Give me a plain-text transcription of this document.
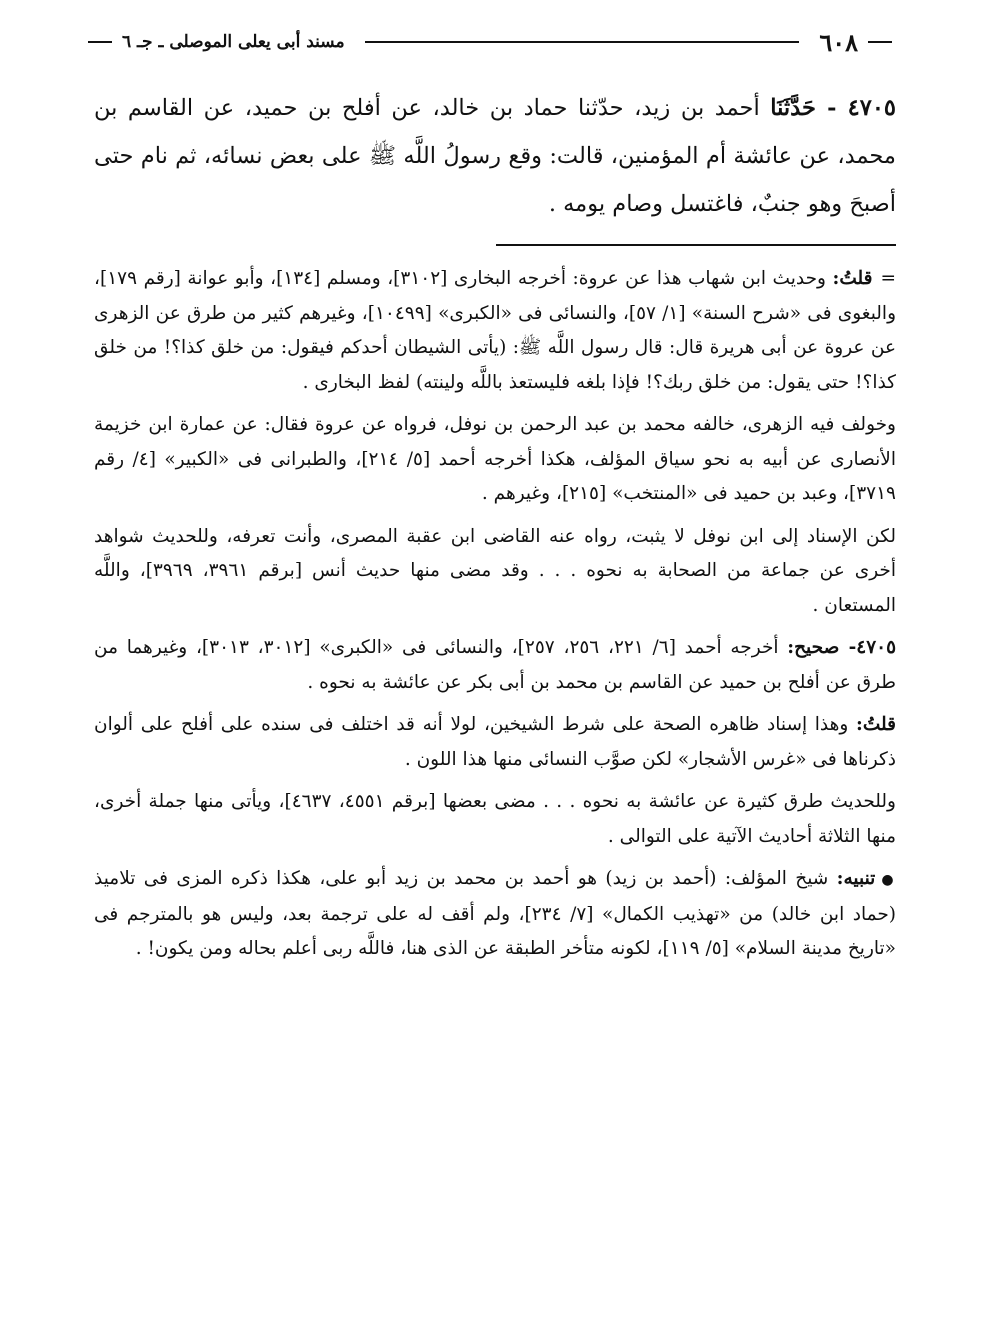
٦٠٨
مسند أبى يعلى الموصلى ـ جـ ٦

٤٧٠٥ - حَدَّثَنَا أحمد بن زيد، حدّثنا حماد بن خالد، عن أفلح بن حميد، عن القاسم بن محمد، عن عائشة أم المؤمنين، قالت: وقع رسولُ اللَّه ﷺ على بعض نسائه، ثم نام حتى أصبحَ وهو جنبٌ، فاغتسل وصام يومه .

=قلتُ: وحديث ابن شهاب هذا عن عروة: أخرجه البخارى [٣١٠٢]، ومسلم [١٣٤]، وأبو عوانة [رقم ١٧٩]، والبغوى فى «شرح السنة» [١/ ٥٧]، والنسائى فى «الكبرى» [١٠٤٩٩]، وغيرهم كثير من طرق عن الزهرى عن عروة عن أبى هريرة قال: قال رسول اللَّه ﷺ: (يأتى الشيطان أحدكم فيقول: من خلق كذا؟! من خلق كذا؟! حتى يقول: من خلق ربك؟! فإذا بلغه فليستعذ باللَّه ولينته) لفظ البخارى .

وخولف فيه الزهرى، خالفه محمد بن عبد الرحمن بن نوفل، فرواه عن عروة فقال: عن عمارة ابن خزيمة الأنصارى عن أبيه به نحو سياق المؤلف، هكذا أخرجه أحمد [٥/ ٢١٤]، والطبرانى فى «الكبير» [٤/ رقم ٣٧١٩]، وعبد بن حميد فى «المنتخب» [٢١٥]، وغيرهم .

لكن الإسناد إلى ابن نوفل لا يثبت، رواه عنه القاضى ابن عقبة المصرى، وأنت تعرفه، وللحديث شواهد أخرى عن جماعة من الصحابة به نحوه . . . وقد مضى منها حديث أنس [برقم ٣٩٦١، ٣٩٦٩]، واللَّه المستعان .

٤٧٠٥- صحيح: أخرجه أحمد [٦/ ٢٢١، ٢٥٦، ٢٥٧]، والنسائى فى «الكبرى» [٣٠١٢، ٣٠١٣]، وغيرهما من طرق عن أفلح بن حميد عن القاسم بن محمد بن أبى بكر عن عائشة به نحوه .

قلتُ: وهذا إسناد ظاهره الصحة على شرط الشيخين، لولا أنه قد اختلف فى سنده على أفلح على ألوان ذكرناها فى «غرس الأشجار» لكن صوَّب النسائى منها هذا اللون .

وللحديث طرق كثيرة عن عائشة به نحوه . . . مضى بعضها [برقم ٤٥٥١، ٤٦٣٧]، ويأتى منها جملة أخرى، منها الثلاثة أحاديث الآتية على التوالى .

●تنبيه: شيخ المؤلف: (أحمد بن زيد) هو أحمد بن محمد بن زيد أبو على، هكذا ذكره المزى فى تلاميذ (حماد ابن خالد) من «تهذيب الكمال» [٧/ ٢٣٤]، ولم أقف له على ترجمة بعد، وليس هو بالمترجم فى «تاريخ مدينة السلام» [٥/ ١١٩]، لكونه متأخر الطبقة عن الذى هنا، فاللَّه ربى أعلم بحاله ومن يكون! .
